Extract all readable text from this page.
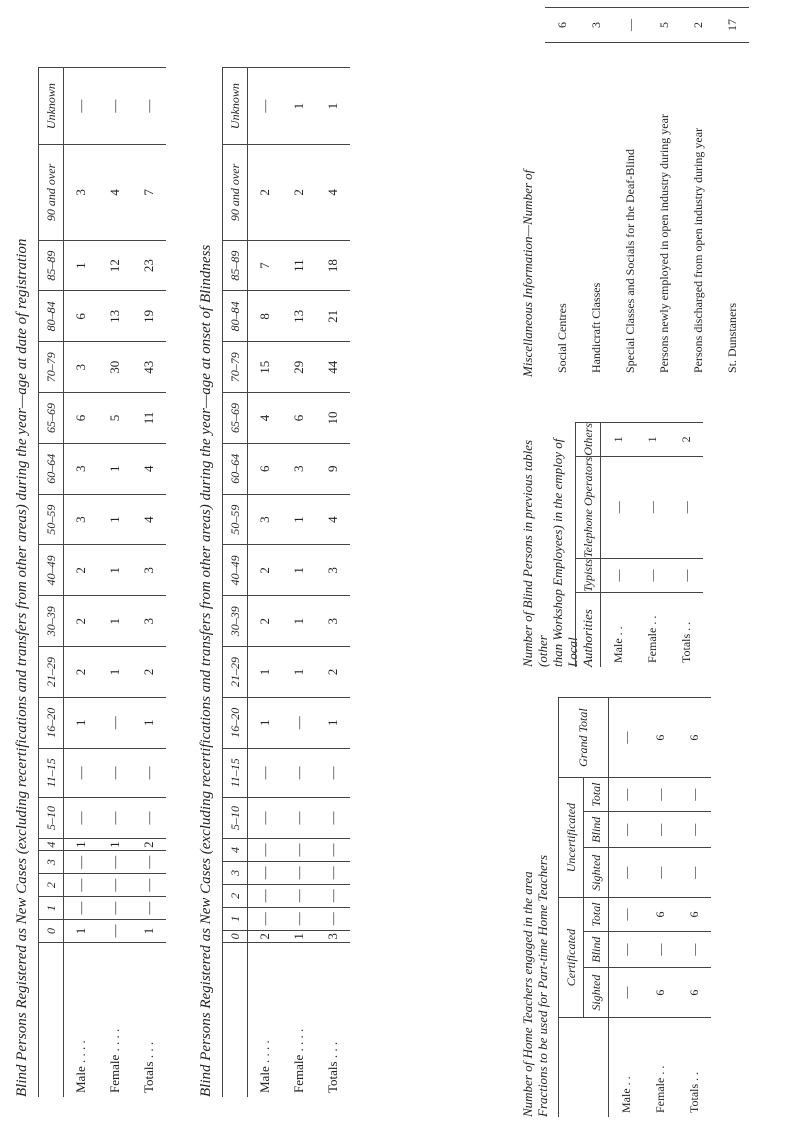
Blind Persons Registered as New Cases (excluding recertifications and transfers from other areas) during the year—age at date of registration
	0	1	2	3	4	5–10	11–15	16–20	21–29	30–39	40–49	50–59	60–64	65–69	70–79	80–84	85–89	90 and over	Unknown
Male . . . .	1	—	—	—	1	—	—	1	2	2	2	3	3	6	3	6	1	3	—
Female . . . .	—	—	—	—	1	—	—	—	1	1	1	1	1	5	30	13	12	4	—
Totals . . .	1	—	—	—	2	—	—	1	2	3	3	4	4	11	43	19	23	7	—
Blind Persons Registered as New Cases (excluding recertifications and transfers from other areas) during the year—age at onset of Blindness
	0	1	2	3	4	5–10	11–15	16–20	21–29	30–39	40–49	50–59	60–64	65–69	70–79	80–84	85–89	90 and over	Unknown
Male . . . .	2	—	—	—	—	—	—	1	1	2	2	3	6	4	15	8	7	2	—
Female . . . .	1	—	—	—	—	—	—	—	1	1	1	1	3	6	29	13	11	2	1
Totals . . .	3	—	—	—	—	—	—	1	2	3	3	4	9	10	44	21	18	4	1
Number of Home Teachers engaged in the area Fractions to be used for Part-time Home Teachers
	Certificated			Uncertificated			Grand Total
	Sighted	Blind	Total	Sighted	Blind	Total	
Male . .	—	—	—	—	—	—	—
Female . .	6	—	6	—	—	—	6
Totals . .	6	—	6	—	—	—	6
Number of Blind Persons in previous tables (other than Workshop Employees) in the employ of Local Authorities
	Typists	Telephone Operators	Others
Male . .	—	—	1
Female . .	—	—	1
Totals . .	—	—	2
Miscellaneous Information—Number of Social Centres	6
Handicraft Classes	3
Special Classes and Socials for the Deaf-Blind	—
Persons newly employed in open industry during year	5
Persons discharged from open industry during year	2
St. Dunstaners	17
